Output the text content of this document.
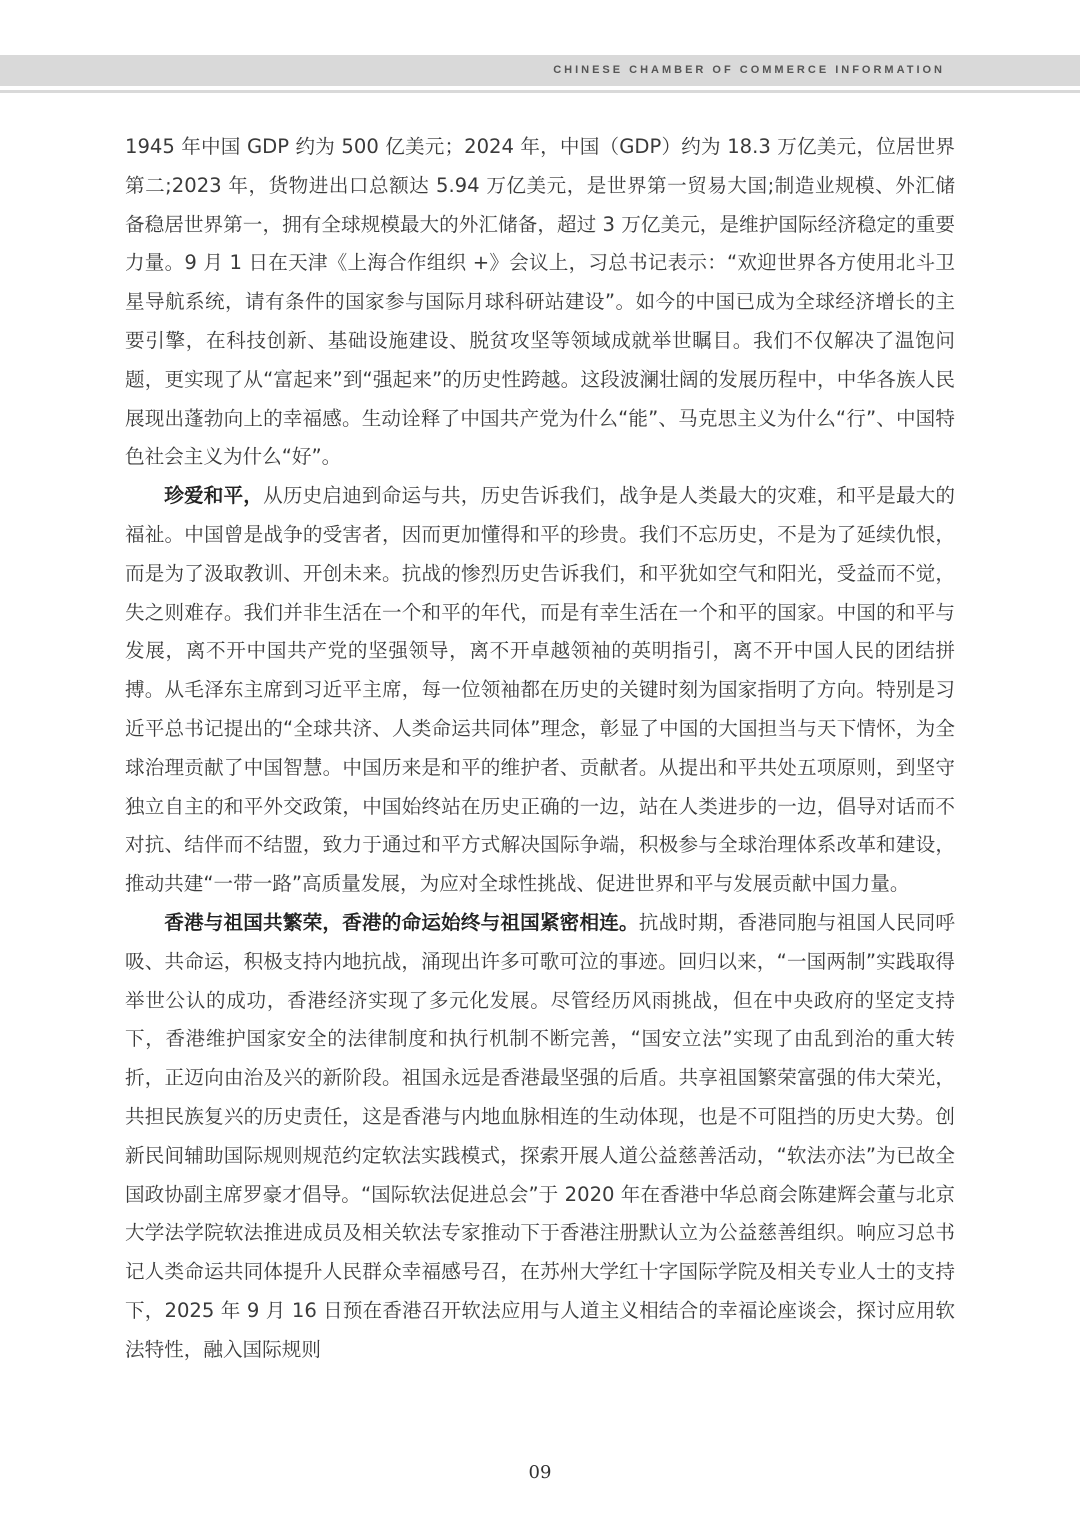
CHINESE CHAMBER OF COMMERCE INFORMATION

1945 年中国 GDP 约为 500 亿美元；2024 年，中国（GDP）约为 18.3 万亿美元，位居世界第二;2023 年，货物进出口总额达 5.94 万亿美元，是世界第一贸易大国;制造业规模、外汇储备稳居世界第一，拥有全球规模最大的外汇储备，超过 3 万亿美元，是维护国际经济稳定的重要力量。9 月 1 日在天津《上海合作组织 +》会议上，习总书记表示：“欢迎世界各方使用北斗卫星导航系统，请有条件的国家参与国际月球科研站建设”。如今的中国已成为全球经济增长的主要引擎，在科技创新、基础设施建设、脱贫攻坚等领域成就举世瞩目。我们不仅解决了温饱问题，更实现了从“富起来”到“强起来”的历史性跨越。这段波澜壮阔的发展历程中，中华各族人民展现出蓬勃向上的幸福感。生动诠释了中国共产党为什么“能”、马克思主义为什么“行”、中国特色社会主义为什么“好”。

珍爱和平，从历史启迪到命运与共，历史告诉我们，战争是人类最大的灾难，和平是最大的福祉。中国曾是战争的受害者，因而更加懂得和平的珍贵。我们不忘历史，不是为了延续仇恨，而是为了汲取教训、开创未来。抗战的惨烈历史告诉我们，和平犹如空气和阳光，受益而不觉，失之则难存。我们并非生活在一个和平的年代，而是有幸生活在一个和平的国家。中国的和平与发展，离不开中国共产党的坚强领导，离不开卓越领袖的英明指引，离不开中国人民的团结拼搏。从毛泽东主席到习近平主席，每一位领袖都在历史的关键时刻为国家指明了方向。特别是习近平总书记提出的“全球共济、人类命运共同体”理念，彰显了中国的大国担当与天下情怀，为全球治理贡献了中国智慧。中国历来是和平的维护者、贡献者。从提出和平共处五项原则，到坚守独立自主的和平外交政策，中国始终站在历史正确的一边，站在人类进步的一边，倡导对话而不对抗、结伴而不结盟，致力于通过和平方式解决国际争端，积极参与全球治理体系改革和建设，推动共建“一带一路”高质量发展，为应对全球性挑战、促进世界和平与发展贡献中国力量。

香港与祖国共繁荣，香港的命运始终与祖国紧密相连。抗战时期，香港同胞与祖国人民同呼吸、共命运，积极支持内地抗战，涌现出许多可歌可泣的事迹。回归以来，“一国两制”实践取得举世公认的成功，香港经济实现了多元化发展。尽管经历风雨挑战，但在中央政府的坚定支持下，香港维护国家安全的法律制度和执行机制不断完善，“国安立法”实现了由乱到治的重大转折，正迈向由治及兴的新阶段。祖国永远是香港最坚强的后盾。共享祖国繁荣富强的伟大荣光，共担民族复兴的历史责任，这是香港与内地血脉相连的生动体现，也是不可阻挡的历史大势。创新民间辅助国际规则规范约定软法实践模式，探索开展人道公益慈善活动，“软法亦法”为已故全国政协副主席罗豪才倡导。“国际软法促进总会”于 2020 年在香港中华总商会陈建辉会董与北京大学法学院软法推进成员及相关软法专家推动下于香港注册默认立为公益慈善组织。响应习总书记人类命运共同体提升人民群众幸福感号召，在苏州大学红十字国际学院及相关专业人士的支持下，2025 年 9 月 16 日预在香港召开软法应用与人道主义相结合的幸福论座谈会，探讨应用软法特性，融入国际规则

09
